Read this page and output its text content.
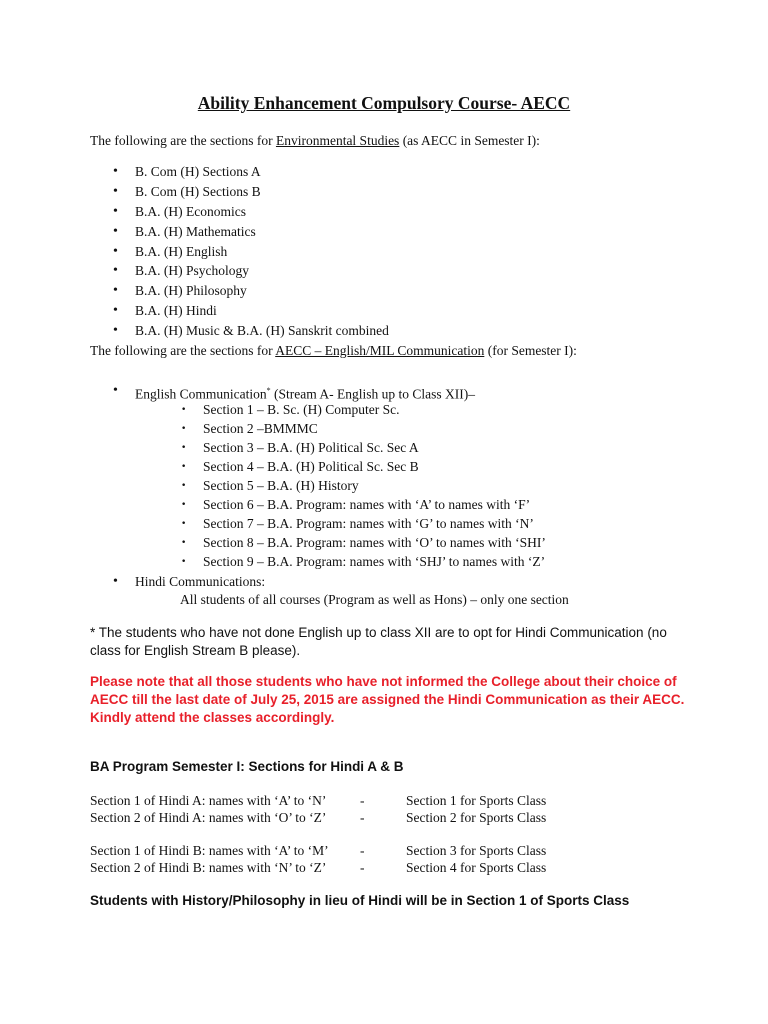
Ability Enhancement Compulsory Course- AECC
The following are the sections for Environmental Studies (as AECC in Semester I):
• B. Com (H) Sections A
• B. Com (H) Sections B
• B.A. (H) Economics
• B.A. (H) Mathematics
• B.A. (H) English
• B.A. (H) Psychology
• B.A. (H) Philosophy
• B.A. (H) Hindi
• B.A. (H) Music & B.A. (H) Sanskrit combined
The following are the sections for AECC – English/MIL Communication (for Semester I):
• English Communication* (Stream A- English up to Class XII)–
· Section 1 – B. Sc. (H) Computer Sc.
· Section 2 –BMMMC
· Section 3 – B.A. (H) Political Sc. Sec A
· Section 4 – B.A. (H) Political Sc. Sec B
· Section 5 – B.A. (H) History
· Section 6 – B.A. Program: names with ‘A’ to names with ‘F’
· Section 7 – B.A. Program: names with ‘G’ to names with ‘N’
· Section 8 – B.A. Program: names with ‘O’ to names with ‘SHI’
· Section 9 – B.A. Program: names with ‘SHJ’ to names with ‘Z’
• Hindi Communications:
All students of all courses (Program as well as Hons) – only one section
* The students who have not done English up to class XII are to opt for Hindi Communication (no class for English Stream B please).
Please note that all those students who have not informed the College about their choice of AECC till the last date of July 25, 2015 are assigned the Hindi Communication as their AECC. Kindly attend the classes accordingly.
BA Program Semester I: Sections for Hindi A & B
Section 1 of Hindi A: names with ‘A’ to ‘N’ -	Section 1 for Sports Class
Section 2 of Hindi A: names with ‘O’ to ‘Z’ -	Section 2 for Sports Class
Section 1 of Hindi B: names with ‘A’ to ‘M’ -	Section 3 for Sports Class
Section 2 of Hindi B: names with ‘N’ to ‘Z’ -	Section 4 for Sports Class
Students with History/Philosophy in lieu of Hindi will be in Section 1 of Sports Class
